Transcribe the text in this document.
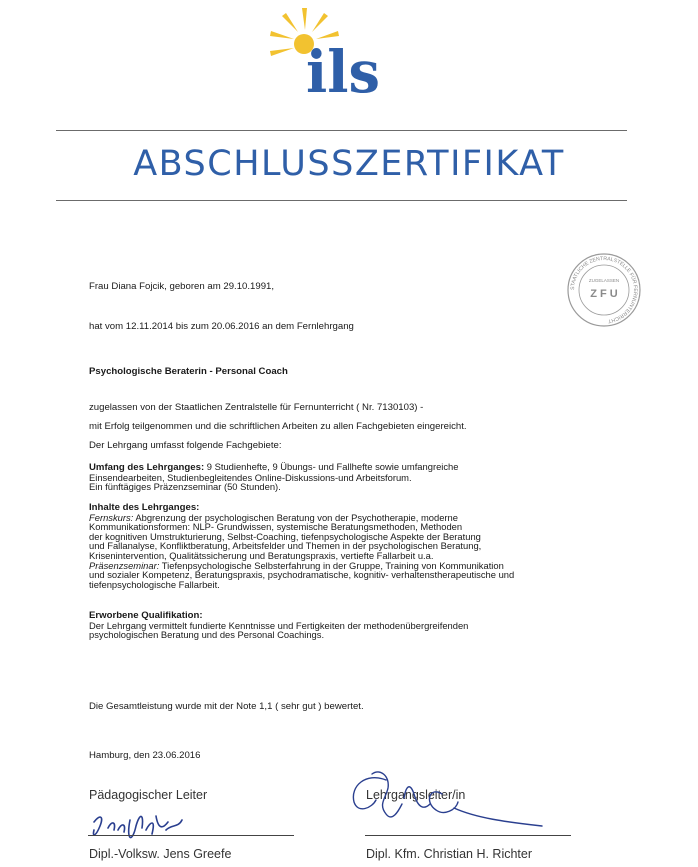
ils
ABSCHLUSSZERTIFIKAT
STAATLICHE ZENTRALSTELLE FÜR FERNUNTERRICHT
ZUGELASSEN
Z F U
Frau Diana Fojcik, geboren am 29.10.1991,
hat vom 12.11.2014 bis zum 20.06.2016 an dem Fernlehrgang
Psychologische Beraterin - Personal Coach
zugelassen von der Staatlichen Zentralstelle für Fernunterricht ( Nr. 7130103) -
mit Erfolg teilgenommen und die schriftlichen Arbeiten zu allen Fachgebieten eingereicht.
Der Lehrgang umfasst folgende Fachgebiete:

Umfang des Lehrganges: 9 Studienhefte, 9 Übungs- und Fallhefte sowie umfangreiche

Einsendearbeiten, Studienbegleitendes Online-Diskussions-und Arbeitsforum.

Ein fünftägiges Präzenzseminar (50 Stunden).

Inhalte des Lehrganges:

Fernskurs: Abgrenzung der psychologischen Beratung von der Psychotherapie, moderne

Kommunikationsformen: NLP- Grundwissen, systemische Beratungsmethoden, Methoden

der kognitiven Umstrukturierung, Selbst-Coaching, tiefenpsychologische Aspekte der Beratung

und Fallanalyse, Konfliktberatung, Arbeitsfelder und Themen in der psychologischen Beratung,

Krisenintervention, Qualitätssicherung und Beratungspraxis, vertiefte Fallarbeit u.a.

Präsenzseminar: Tiefenpsychologische Selbsterfahrung in der Gruppe, Training von Kommunikation

und sozialer Kompetenz, Beratungspraxis, psychodramatische, kognitiv- verhaltenstherapeutische und

tiefenpsychologische Fallarbeit.

Erworbene Qualifikation:

Der Lehrgang vermittelt fundierte Kenntnisse und Fertigkeiten der methodenübergreifenden

psychologischen Beratung und des Personal Coachings.

Die Gesamtleistung wurde mit der Note 1,1 ( sehr gut ) bewertet.
Hamburg, den 23.06.2016
Pädagogischer Leiter
Dipl.-Volksw. Jens Greefe
Lehrgangsleiter/in
Dipl. Kfm. Christian H. Richter
